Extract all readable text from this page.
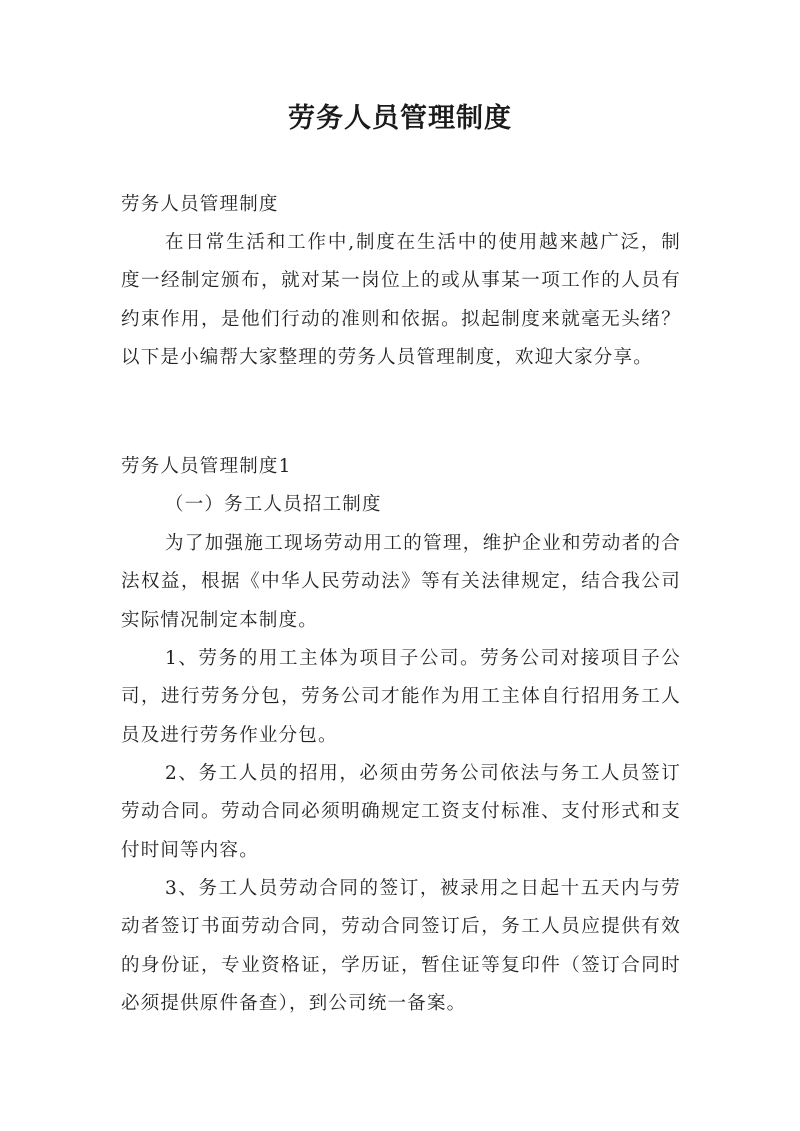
劳务人员管理制度

劳务人员管理制度

在日常生活和工作中,制度在生活中的使用越来越广泛，制度一经制定颁布，就对某一岗位上的或从事某一项工作的人员有约束作用，是他们行动的准则和依据。拟起制度来就毫无头绪？以下是小编帮大家整理的劳务人员管理制度，欢迎大家分享。

劳务人员管理制度1

（一）务工人员招工制度

为了加强施工现场劳动用工的管理，维护企业和劳动者的合法权益，根据《中华人民劳动法》等有关法律规定，结合我公司实际情况制定本制度。

1、劳务的用工主体为项目子公司。劳务公司对接项目子公司，进行劳务分包，劳务公司才能作为用工主体自行招用务工人员及进行劳务作业分包。

2、务工人员的招用，必须由劳务公司依法与务工人员签订劳动合同。劳动合同必须明确规定工资支付标准、支付形式和支付时间等内容。

3、务工人员劳动合同的签订，被录用之日起十五天内与劳动者签订书面劳动合同，劳动合同签订后，务工人员应提供有效的身份证，专业资格证，学历证，暂住证等复印件（签订合同时必须提供原件备查），到公司统一备案。
